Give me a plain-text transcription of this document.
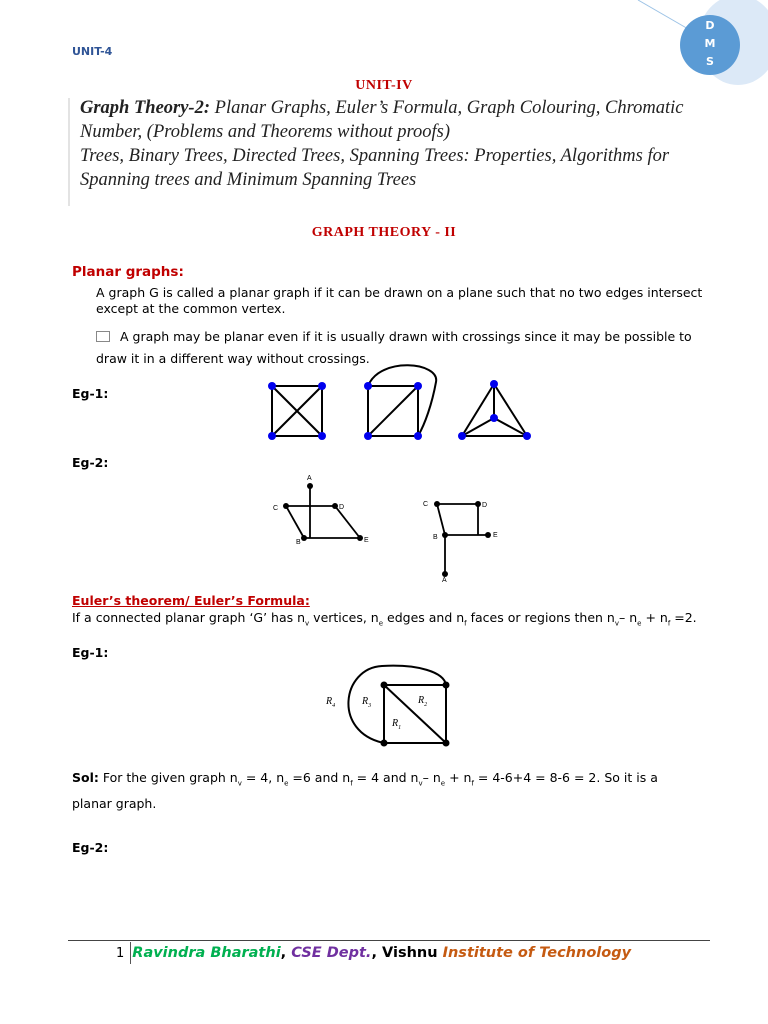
UNIT-4
D
M
S
UNIT-IV
Graph Theory-2: Planar Graphs, Euler’s Formula, Graph Colouring, Chromatic
Number, (Problems and Theorems without proofs)
Trees, Binary Trees, Directed Trees, Spanning Trees: Properties, Algorithms for
Spanning trees and Minimum Spanning Trees
GRAPH THEORY - II
Planar graphs:
A graph G is called a planar graph if it can be drawn on a plane such that no two edges intersect except at the common vertex.
A graph may be planar even if it is usually drawn with crossings since it may be possible to draw it in a different way without crossings.
Eg-1:
Eg-2:
A
C	D
B	E
C	D
B	E
A
Euler’s theorem/ Euler’s Formula:
If a connected planar graph ‘G’ has $n_v$ vertices, $n_e$ edges and $n_f$ faces or regions then $n_v-$ $n_e + n_f =2$.
Eg-1:
$R_4$	$R_3$	$R_2$
$R_1$
Sol: For the given graph $n_v = 4$, $n_e =6$ and $n_f = 4$ and $n_v-$ $n_e + n_f = 4-6+4 = 8-6 = 2$. So it is a planar graph.
Eg-2:
1 Ravindra Bharathi, CSE Dept., Vishnu Institute of Technology
